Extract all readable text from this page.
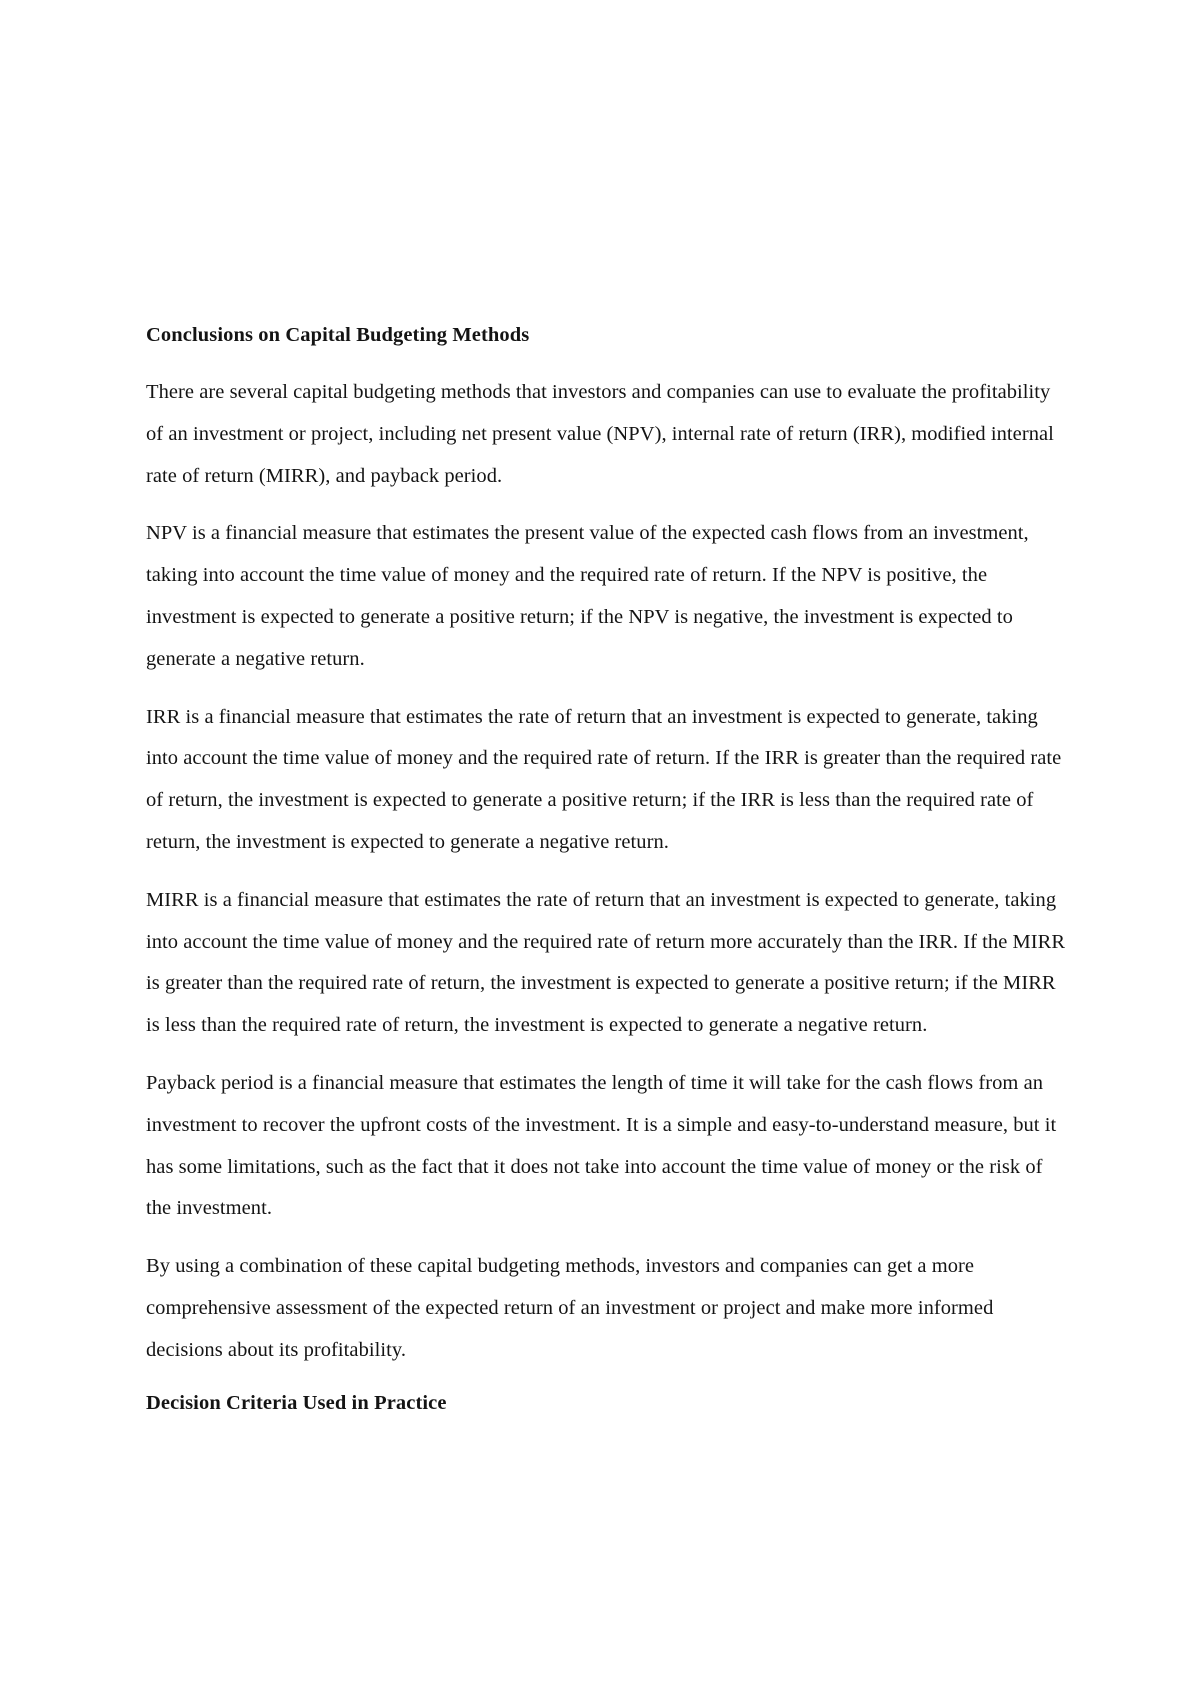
Conclusions on Capital Budgeting Methods

There are several capital budgeting methods that investors and companies can use to evaluate the profitability of an investment or project, including net present value (NPV), internal rate of return (IRR), modified internal rate of return (MIRR), and payback period.

NPV is a financial measure that estimates the present value of the expected cash flows from an investment, taking into account the time value of money and the required rate of return. If the NPV is positive, the investment is expected to generate a positive return; if the NPV is negative, the investment is expected to generate a negative return.

IRR is a financial measure that estimates the rate of return that an investment is expected to generate, taking into account the time value of money and the required rate of return. If the IRR is greater than the required rate of return, the investment is expected to generate a positive return; if the IRR is less than the required rate of return, the investment is expected to generate a negative return.

MIRR is a financial measure that estimates the rate of return that an investment is expected to generate, taking into account the time value of money and the required rate of return more accurately than the IRR. If the MIRR is greater than the required rate of return, the investment is expected to generate a positive return; if the MIRR is less than the required rate of return, the investment is expected to generate a negative return.

Payback period is a financial measure that estimates the length of time it will take for the cash flows from an investment to recover the upfront costs of the investment. It is a simple and easy-to-understand measure, but it has some limitations, such as the fact that it does not take into account the time value of money or the risk of the investment.

By using a combination of these capital budgeting methods, investors and companies can get a more comprehensive assessment of the expected return of an investment or project and make more informed decisions about its profitability.

Decision Criteria Used in Practice
